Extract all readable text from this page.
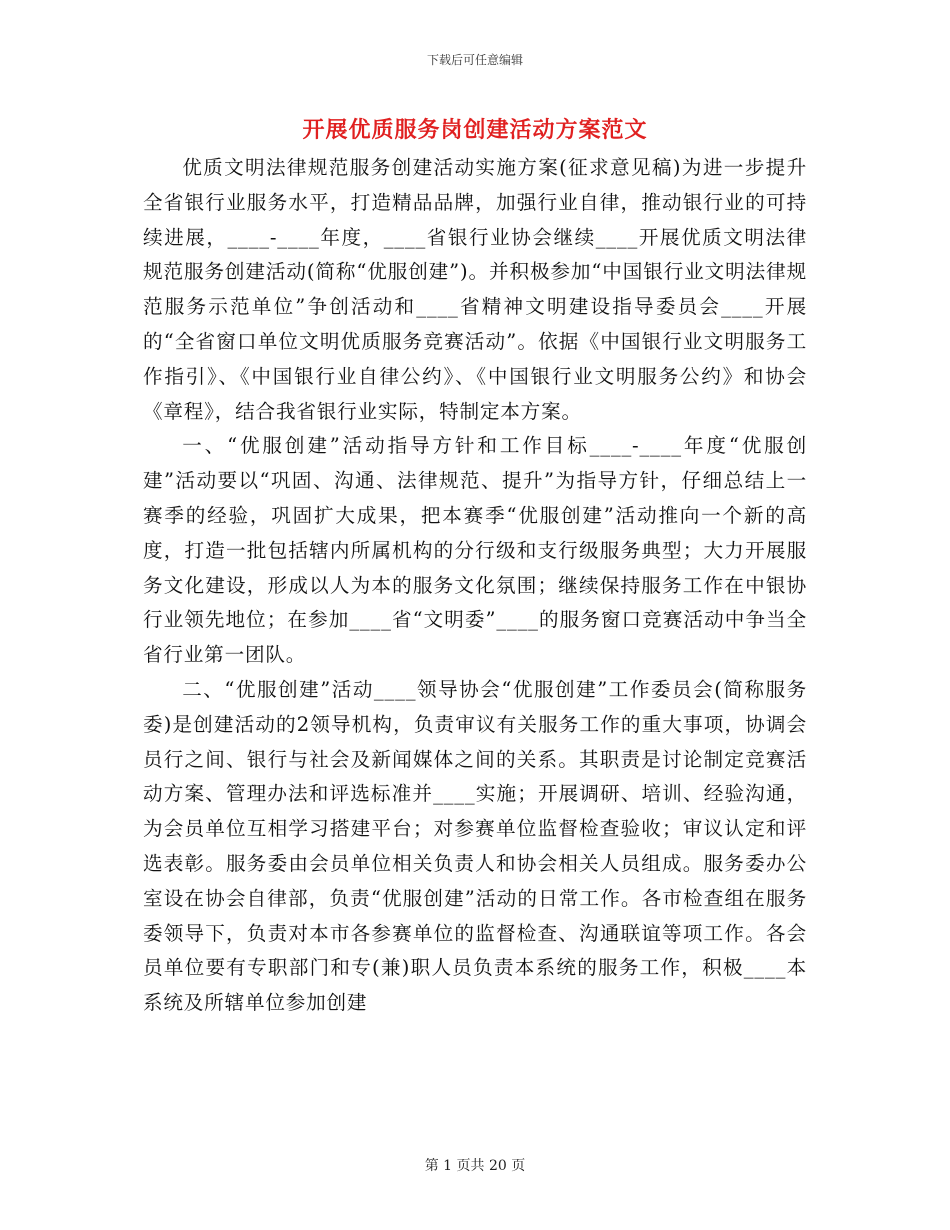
下载后可任意编辑
开展优质服务岗创建活动方案范文

优质文明法律规范服务创建活动实施方案(征求意见稿)为进一步提升全省银行业服务水平，打造精品品牌，加强行业自律，推动银行业的可持续进展，____-____年度，____省银行业协会继续____开展优质文明法律规范服务创建活动(简称“优服创建”)。并积极参加“中国银行业文明法律规范服务示范单位”争创活动和____省精神文明建设指导委员会____开展的“全省窗口单位文明优质服务竞赛活动”。依据《中国银行业文明服务工作指引》、《中国银行业自律公约》、《中国银行业文明服务公约》和协会《章程》，结合我省银行业实际，特制定本方案。

一、“优服创建”活动指导方针和工作目标____-____年度“优服创建”活动要以“巩固、沟通、法律规范、提升”为指导方针，仔细总结上一赛季的经验，巩固扩大成果，把本赛季“优服创建”活动推向一个新的高度，打造一批包括辖内所属机构的分行级和支行级服务典型；大力开展服务文化建设，形成以人为本的服务文化氛围；继续保持服务工作在中银协行业领先地位；在参加____省“文明委”____的服务窗口竞赛活动中争当全省行业第一团队。

二、“优服创建”活动____领导协会“优服创建”工作委员会(简称服务委)是创建活动的2领导机构，负责审议有关服务工作的重大事项，协调会员行之间、银行与社会及新闻媒体之间的关系。其职责是讨论制定竞赛活动方案、管理办法和评选标准并____实施；开展调研、培训、经验沟通，为会员单位互相学习搭建平台；对参赛单位监督检查验收；审议认定和评选表彰。服务委由会员单位相关负责人和协会相关人员组成。服务委办公室设在协会自律部，负责“优服创建”活动的日常工作。各市检查组在服务委领导下，负责对本市各参赛单位的监督检查、沟通联谊等项工作。各会员单位要有专职部门和专(兼)职人员负责本系统的服务工作，积极____本系统及所辖单位参加创建

第 1 页共 20 页
